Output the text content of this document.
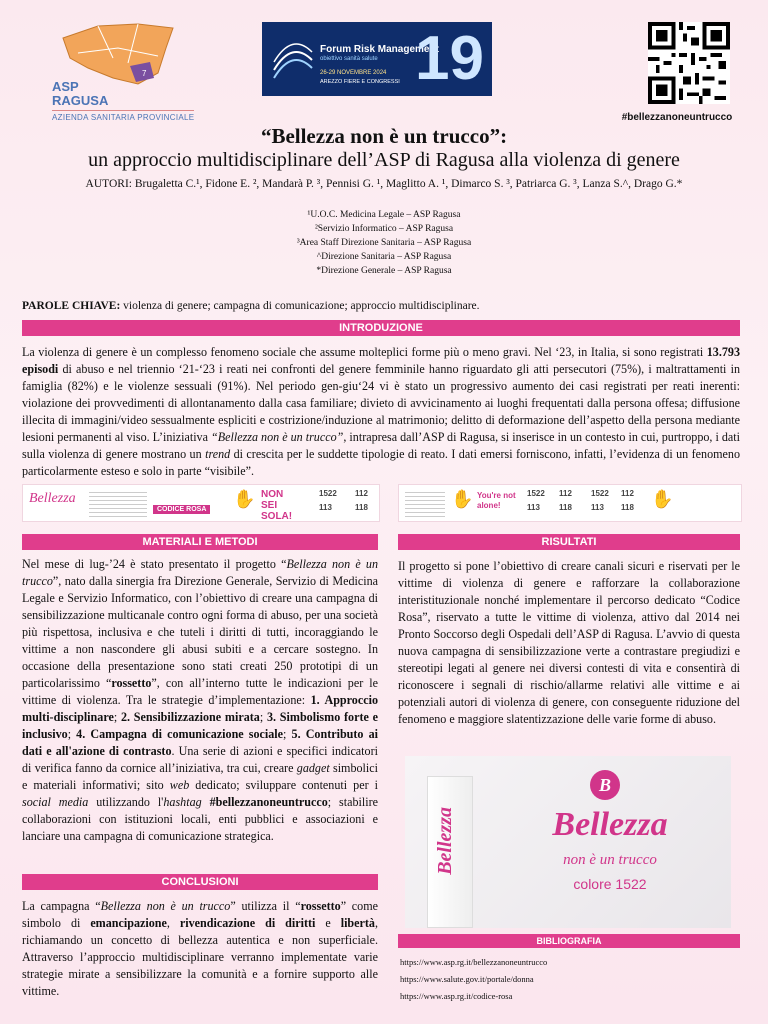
7
ASP
RAGUSA
AZIENDA SANITARIA PROVINCIALE
Forum Risk Management
obiettivo sanità salute
26-29 NOVEMBRE 2024
AREZZO FIERE E CONGRESSI 19
#bellezzanoneuntrucco
“Bellezza non è un trucco”:
un approccio multidisciplinare dell’ASP di Ragusa alla violenza di genere
AUTORI: Brugaletta C.¹, Fidone E. ², Mandarà P. ³, Pennisi G. ¹, Maglitto A. ¹, Dimarco S. ³, Patriarca G. ³, Lanza S.^, Drago G.*
¹U.O.C. Medicina Legale – ASP Ragusa
²Servizio Informatico – ASP Ragusa
³Area Staff Direzione Sanitaria – ASP Ragusa
^Direzione Sanitaria – ASP Ragusa
*Direzione Generale – ASP Ragusa
PAROLE CHIAVE: violenza di genere; campagna di comunicazione; approccio multidisciplinare.
INTRODUZIONE
La violenza di genere è un complesso fenomeno sociale che assume molteplici forme più o meno gravi. Nel ‘23, in Italia, si sono registrati 13.793 episodi di abuso e nel triennio ‘21-‘23 i reati nei confronti del genere femminile hanno riguardato gli atti persecutori (75%), i maltrattamenti in famiglia (82%) e le violenze sessuali (91%). Nel periodo gen-giu‘24 vi è stato un progressivo aumento dei casi registrati per reati inerenti: violazione dei provvedimenti di allontanamento dalla casa familiare; divieto di avvicinamento ai luoghi frequentati dalla persona offesa; diffusione illecita di immagini/video sessualmente espliciti e costrizione/induzione al matrimonio; delitto di deformazione dell’aspetto della persona mediante lesioni permanenti al viso. L’iniziativa “Bellezza non è un trucco”, intrapresa dall’ASP di Ragusa, si inserisce in un contesto in cui, purtroppo, i dati sulla violenza di genere mostrano un trend di crescita per le suddette tipologie di reato. I dati emersi forniscono, infatti, l’evidenza di un fenomeno particolarmente esteso e solo in parte “visibile”.
Bellezza
CODICE ROSA
✋ NON SEI SOLA!
1522 112
113	118	✋ You're not alone!
1522 112
113 118
1522 112
113 118 ✋
MATERIALI E METODI
Nel mese di lug-’24 è stato presentato il progetto “Bellezza non è un trucco”, nato dalla sinergia fra Direzione Generale, Servizio di Medicina Legale e Servizio Informatico, con l’obiettivo di creare una campagna di sensibilizzazione multicanale contro ogni forma di abuso, per una società più rispettosa, inclusiva e che tuteli i diritti di tutti, incoraggiando le vittime a non nascondere gli abusi subiti e a cercare sostegno. In occasione della presentazione sono stati creati 250 prototipi di un particolarissimo “rossetto”, con all’interno tutte le indicazioni per le vittime di violenza. Tra le strategie d’implementazione: 1. Approccio multi-disciplinare; 2. Sensibilizzazione mirata; 3. Simbolismo forte e inclusivo; 4. Campagna di comunicazione sociale; 5. Contributo ai dati e all'azione di contrasto. Una serie di azioni e specifici indicatori di verifica fanno da cornice all’iniziativa, tra cui, creare gadget simbolici e materiali informativi; sito web dedicato; sviluppare contenuti per i social media utilizzando l'hashtag #bellezzanoneuntrucco; stabilire collaborazioni con istituzioni locali, enti pubblici e associazioni e lanciare una campagna di comunicazione strategica.
CONCLUSIONI
La campagna “Bellezza non è un trucco” utilizza il “rossetto” come simbolo di emancipazione, rivendicazione di diritti e libertà, richiamando un concetto di bellezza autentica e non superficiale. Attraverso l’approccio multidisciplinare verranno implementate varie strategie mirate a sensibilizzare la comunità e a fornire supporto alle vittime.
RISULTATI
Il progetto si pone l’obiettivo di creare canali sicuri e riservati per le vittime di violenza di genere e rafforzare la collaborazione interistituzionale nonché implementare il percorso dedicato “Codice Rosa”, riservato a tutte le vittime di violenza, attivo dal 2014 nei Pronto Soccorso degli Ospedali dell’ASP di Ragusa. L’avvio di questa nuova campagna di sensibilizzazione verte a contrastare pregiudizi e stereotipi legati al genere nei diversi contesti di vita e consentirà di riconoscere i segnali di rischio/allarme relativi alle vittime e ai potenziali autori di violenza di genere, con conseguente riduzione del fenomeno e maggiore slatentizzazione delle varie forme di abuso.
Bellezza
B
Bellezza
non è un trucco
colore 1522
BIBLIOGRAFIA
https://www.asp.rg.it/bellezzanoneuntrucco
https://www.salute.gov.it/portale/donna
https://www.asp.rg.it/codice-rosa
